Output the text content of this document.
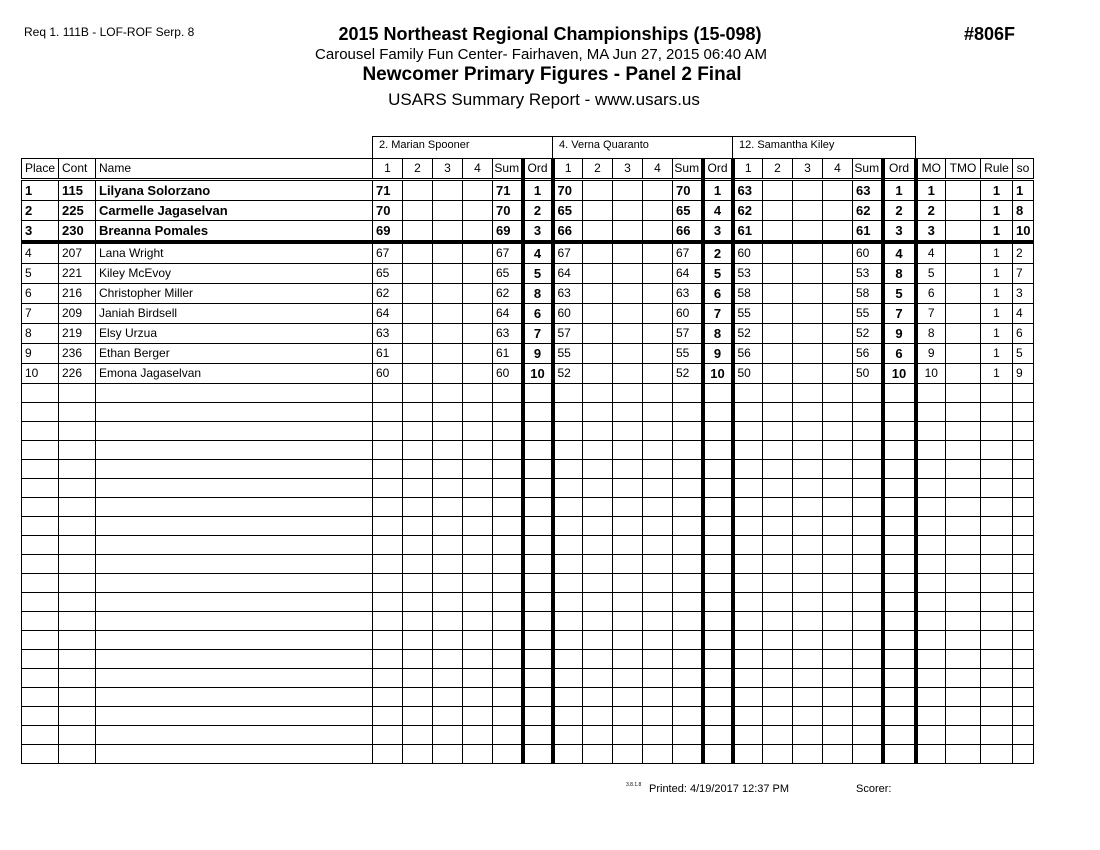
Req 1. 111B - LOF-ROF Serp. 8	#806F
2015 Northeast Regional Championships (15-098)
Carousel Family Fun Center- Fairhaven, MA Jun 27, 2015 06:40 AM
Newcomer Primary Figures - Panel 2 Final
USARS Summary Report - www.usars.us
2. Marian Spooner	4. Verna Quaranto	12. Samantha Kiley
Place	Cont	Name	1	2	3	4	Sum	Ord	1	2	3	4	Sum	Ord	1	2	3	4	Sum	Ord	MO	TMO	Rule	so
1	115	Lilyana Solorzano	71				71	1	70				70	1	63				63	1	1		1	1
2	225	Carmelle Jagaselvan	70				70	2	65				65	4	62				62	2	2		1	8
3	230	Breanna Pomales	69				69	3	66				66	3	61				61	3	3		1	10
4	207	Lana Wright	67				67	4	67				67	2	60				60	4	4		1	2
5	221	Kiley McEvoy	65				65	5	64				64	5	53				53	8	5		1	7
6	216	Christopher Miller	62				62	8	63				63	6	58				58	5	6		1	3
7	209	Janiah Birdsell	64				64	6	60				60	7	55				55	7	7		1	4
8	219	Elsy Urzua	63				63	7	57				57	8	52				52	9	8		1	6
9	236	Ethan Berger	61				61	9	55				55	9	56				56	6	9		1	5
10	226	Emona Jagaselvan	60				60	10	52				52	10	50				50	10	10		1	9

3.8.1.8 Printed: 4/19/2017 12:37 PM	Scorer:
